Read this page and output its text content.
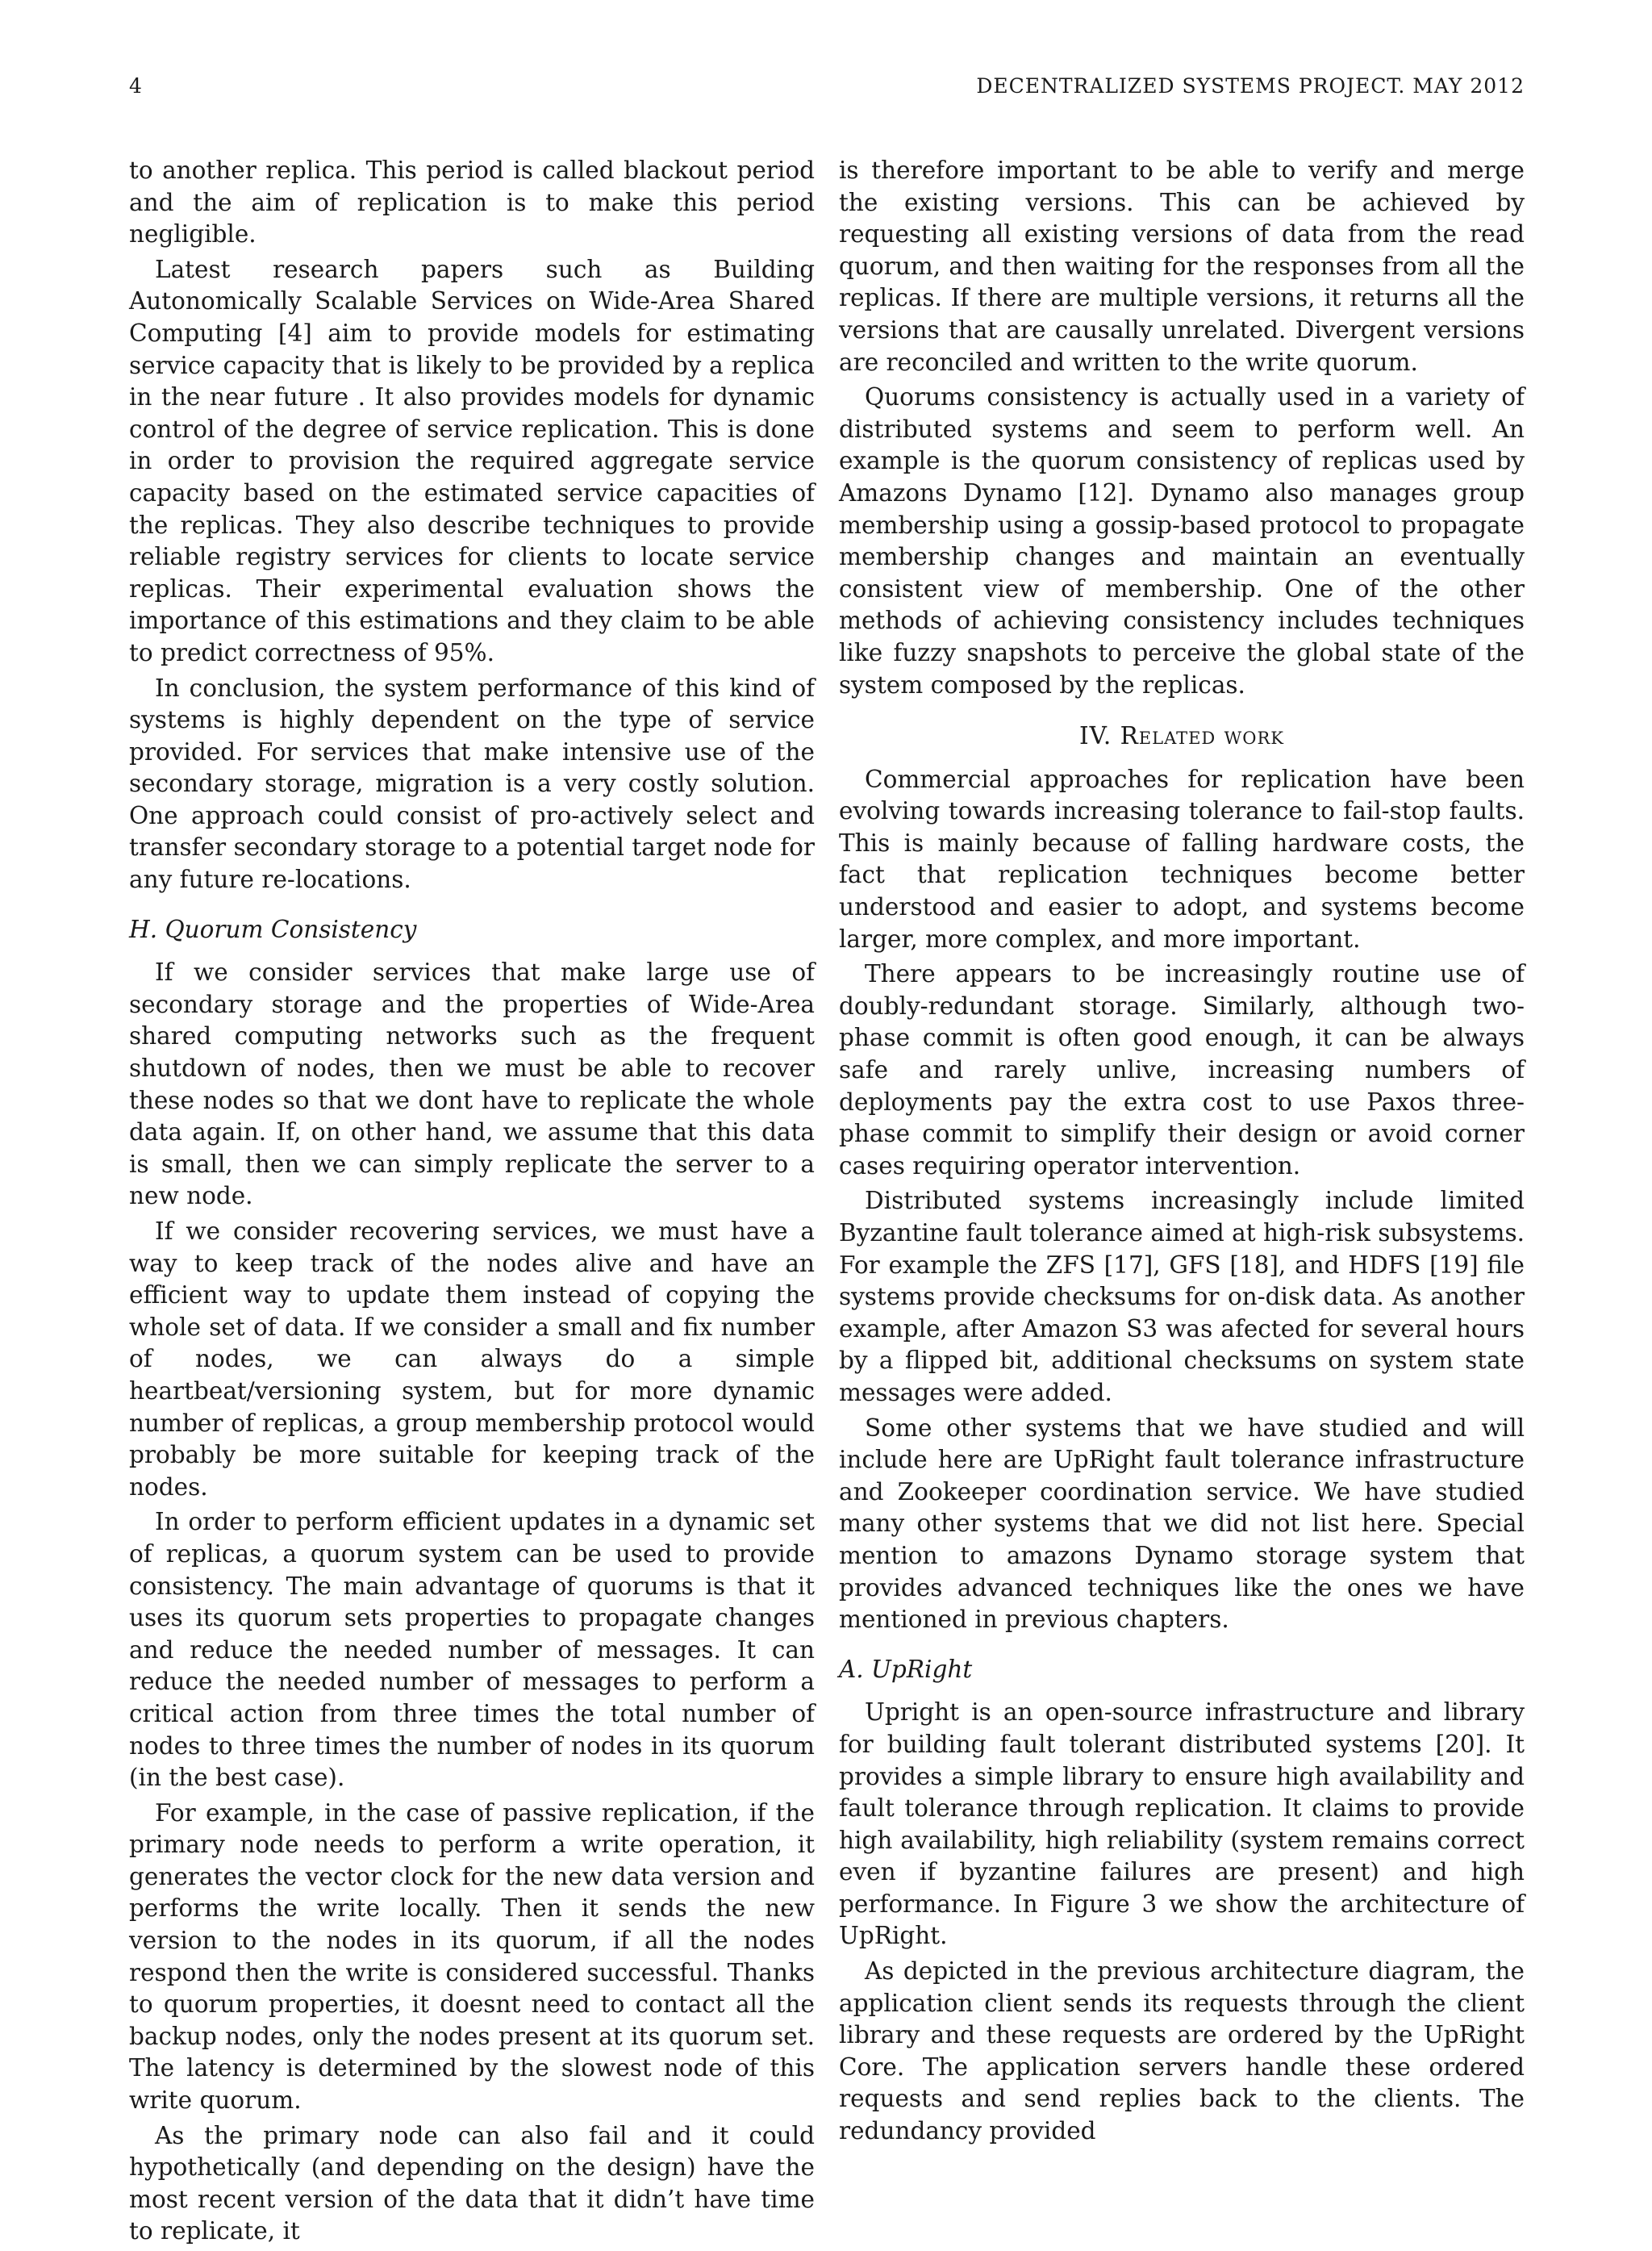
4	DECENTRALIZED SYSTEMS PROJECT. MAY 2012

to another replica. This period is called blackout period and the aim of replication is to make this period negligible.

Latest research papers such as Building Autonomically Scalable Services on Wide-Area Shared Computing [4] aim to provide models for estimating service capacity that is likely to be provided by a replica in the near future . It also provides models for dynamic control of the degree of service replication. This is done in order to provision the required aggregate service capacity based on the estimated service capacities of the replicas. They also describe techniques to provide reliable registry services for clients to locate service replicas. Their experimental evaluation shows the importance of this estimations and they claim to be able to predict correctness of 95%.

In conclusion, the system performance of this kind of systems is highly dependent on the type of service provided. For services that make intensive use of the secondary storage, migration is a very costly solution. One approach could consist of pro-actively select and transfer secondary storage to a potential target node for any future re-locations.

H. Quorum Consistency

If we consider services that make large use of secondary storage and the properties of Wide-Area shared computing networks such as the frequent shutdown of nodes, then we must be able to recover these nodes so that we dont have to replicate the whole data again. If, on other hand, we assume that this data is small, then we can simply replicate the server to a new node.

If we consider recovering services, we must have a way to keep track of the nodes alive and have an efficient way to update them instead of copying the whole set of data. If we consider a small and fix number of nodes, we can always do a simple heartbeat/versioning system, but for more dynamic number of replicas, a group membership protocol would probably be more suitable for keeping track of the nodes.

In order to perform efficient updates in a dynamic set of replicas, a quorum system can be used to provide consistency. The main advantage of quorums is that it uses its quorum sets properties to propagate changes and reduce the needed number of messages. It can reduce the needed number of messages to perform a critical action from three times the total number of nodes to three times the number of nodes in its quorum (in the best case).

For example, in the case of passive replication, if the primary node needs to perform a write operation, it generates the vector clock for the new data version and performs the write locally. Then it sends the new version to the nodes in its quorum, if all the nodes respond then the write is considered successful. Thanks to quorum properties, it doesnt need to contact all the backup nodes, only the nodes present at its quorum set. The latency is determined by the slowest node of this write quorum.

As the primary node can also fail and it could hypothetically (and depending on the design) have the most recent version of the data that it didn’t have time to replicate, it

is therefore important to be able to verify and merge the existing versions. This can be achieved by requesting all existing versions of data from the read quorum, and then waiting for the responses from all the replicas. If there are multiple versions, it returns all the versions that are causally unrelated. Divergent versions are reconciled and written to the write quorum.

Quorums consistency is actually used in a variety of distributed systems and seem to perform well. An example is the quorum consistency of replicas used by Amazons Dynamo [12]. Dynamo also manages group membership using a gossip-based protocol to propagate membership changes and maintain an eventually consistent view of membership. One of the other methods of achieving consistency includes techniques like fuzzy snapshots to perceive the global state of the system composed by the replicas.

IV. Related work

Commercial approaches for replication have been evolving towards increasing tolerance to fail-stop faults. This is mainly because of falling hardware costs, the fact that replication techniques become better understood and easier to adopt, and systems become larger, more complex, and more important.

There appears to be increasingly routine use of doubly-redundant storage. Similarly, although two-phase commit is often good enough, it can be always safe and rarely unlive, increasing numbers of deployments pay the extra cost to use Paxos three-phase commit to simplify their design or avoid corner cases requiring operator intervention.

Distributed systems increasingly include limited Byzantine fault tolerance aimed at high-risk subsystems. For example the ZFS [17], GFS [18], and HDFS [19] file systems provide checksums for on-disk data. As another example, after Amazon S3 was afected for several hours by a flipped bit, additional checksums on system state messages were added.

Some other systems that we have studied and will include here are UpRight fault tolerance infrastructure and Zookeeper coordination service. We have studied many other systems that we did not list here. Special mention to amazons Dynamo storage system that provides advanced techniques like the ones we have mentioned in previous chapters.

A. UpRight

Upright is an open-source infrastructure and library for building fault tolerant distributed systems [20]. It provides a simple library to ensure high availability and fault tolerance through replication. It claims to provide high availability, high reliability (system remains correct even if byzantine failures are present) and high performance. In Figure 3 we show the architecture of UpRight.

As depicted in the previous architecture diagram, the application client sends its requests through the client library and these requests are ordered by the UpRight Core. The application servers handle these ordered requests and send replies back to the clients. The redundancy provided
